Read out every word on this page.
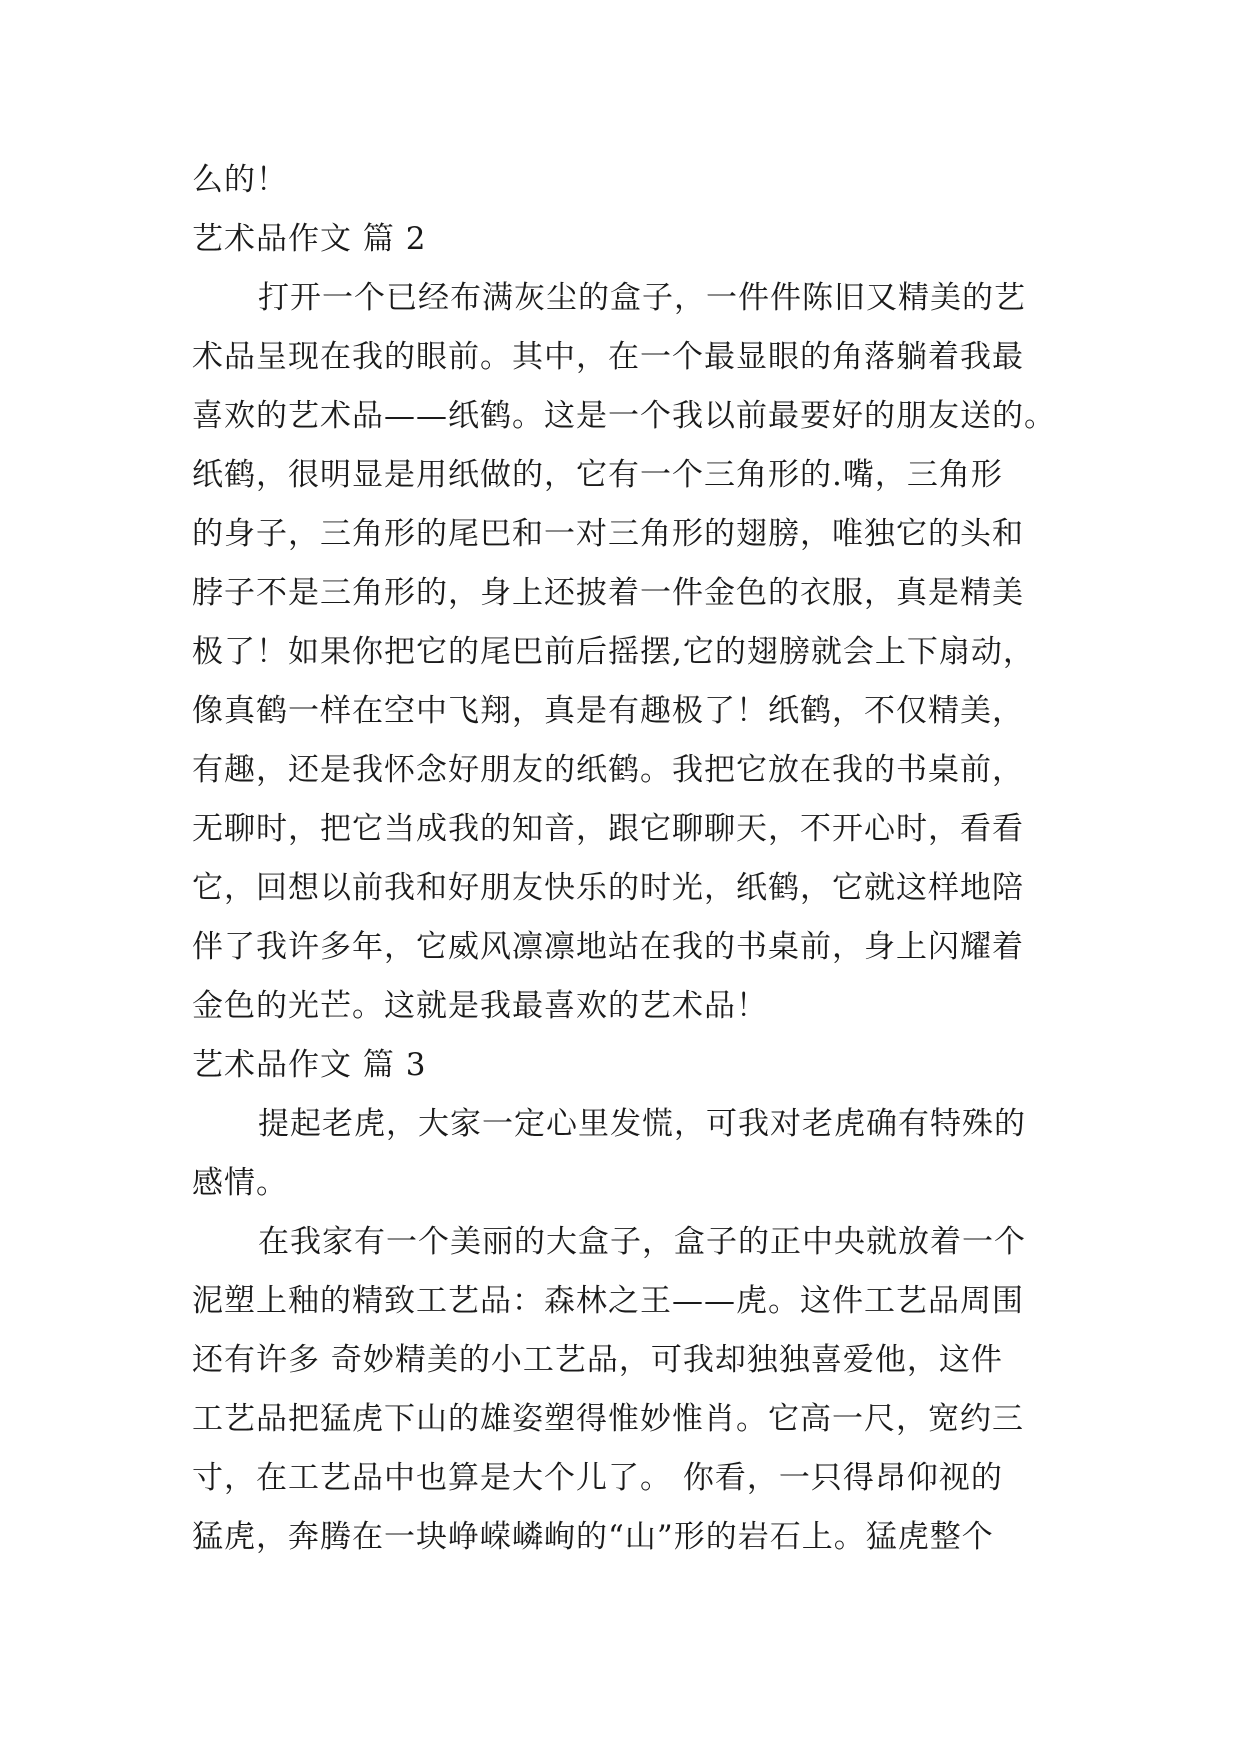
么的！
艺术品作文 篇 2
打开一个已经布满灰尘的盒子，一件件陈旧又精美的艺
术品呈现在我的眼前。其中，在一个最显眼的角落躺着我最
喜欢的艺术品——纸鹤。这是一个我以前最要好的朋友送的。
纸鹤，很明显是用纸做的，它有一个三角形的.嘴，三角形
的身子，三角形的尾巴和一对三角形的翅膀，唯独它的头和
脖子不是三角形的，身上还披着一件金色的衣服，真是精美
极了！如果你把它的尾巴前后摇摆,它的翅膀就会上下扇动，
像真鹤一样在空中飞翔，真是有趣极了！纸鹤，不仅精美，
有趣，还是我怀念好朋友的纸鹤。我把它放在我的书桌前，
无聊时，把它当成我的知音，跟它聊聊天，不开心时，看看
它，回想以前我和好朋友快乐的时光，纸鹤，它就这样地陪
伴了我许多年，它威风凛凛地站在我的书桌前，身上闪耀着
金色的光芒。这就是我最喜欢的艺术品！
艺术品作文 篇 3
提起老虎，大家一定心里发慌，可我对老虎确有特殊的
感情。
在我家有一个美丽的大盒子，盒子的正中央就放着一个
泥塑上釉的精致工艺品：森林之王——虎。这件工艺品周围
还有许多 奇妙精美的小工艺品，可我却独独喜爱他，这件
工艺品把猛虎下山的雄姿塑得惟妙惟肖。它高一尺，宽约三
寸，在工艺品中也算是大个儿了。 你看，一只得昂仰视的
猛虎，奔腾在一块峥嵘嶙峋的“山”形的岩石上。猛虎整个
